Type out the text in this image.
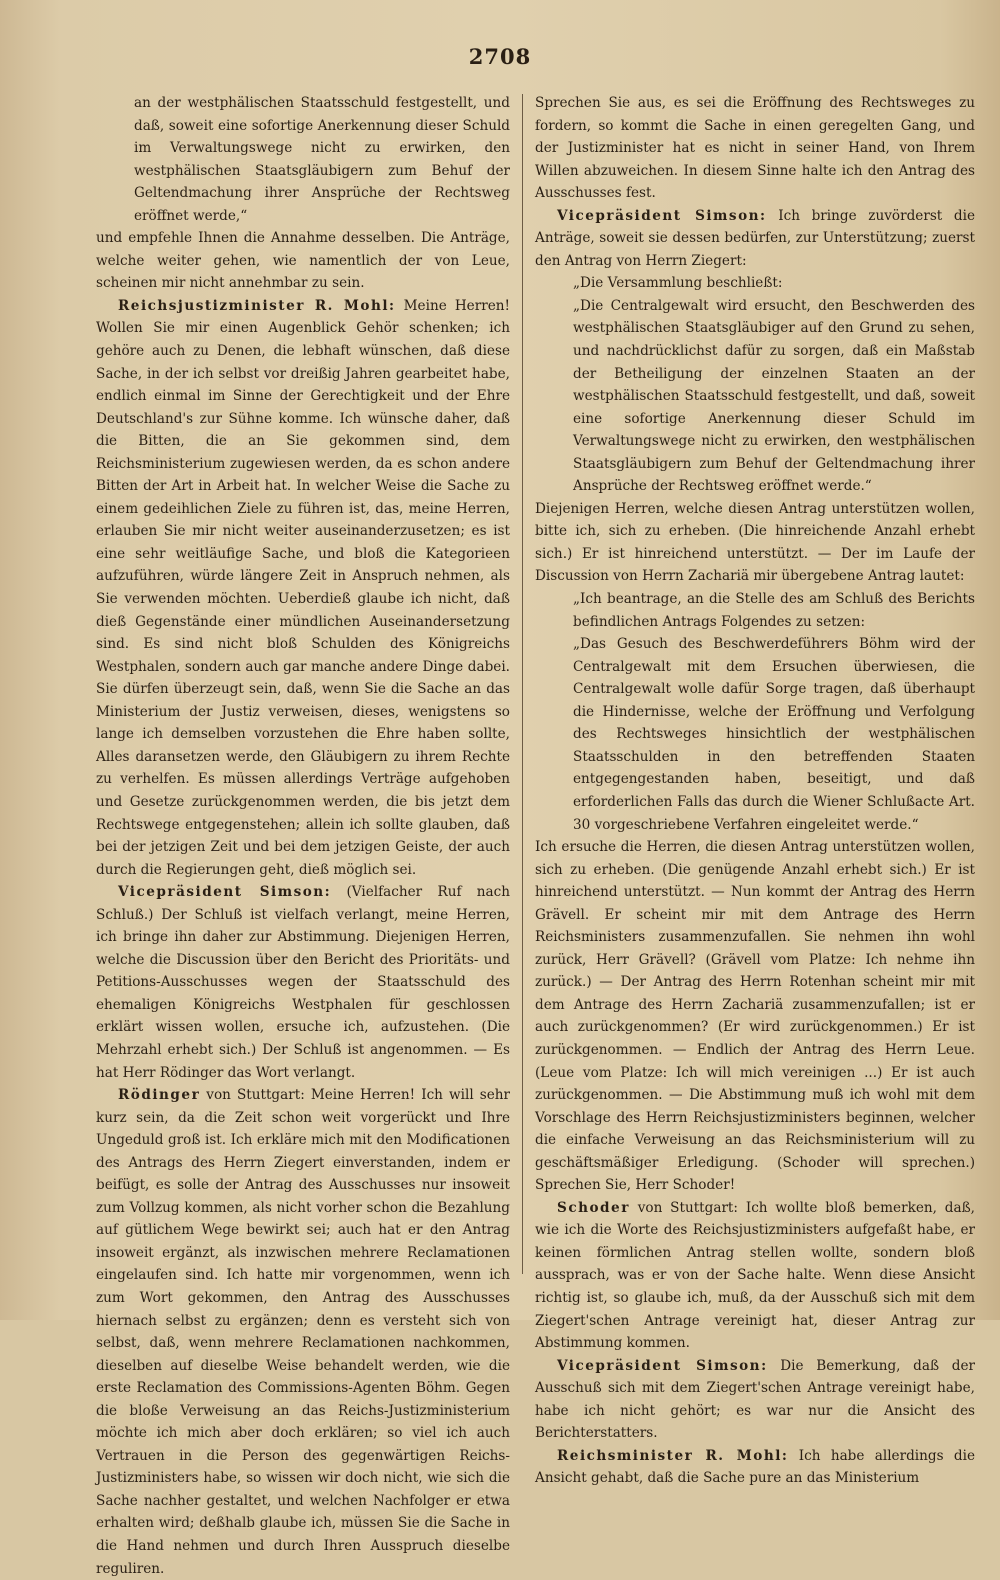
2708

an der westphälischen Staatsschuld festgestellt, und daß, soweit eine sofortige Anerkennung dieser Schuld im Verwaltungswege nicht zu erwirken, den westphälischen Staatsgläubigern zum Behuf der Geltendmachung ihrer Ansprüche der Rechtsweg eröffnet werde,“

und empfehle Ihnen die Annahme desselben. Die Anträge, welche weiter gehen, wie namentlich der von Leue, scheinen mir nicht annehmbar zu sein.

Reichsjustizminister R. Mohl: Meine Herren! Wollen Sie mir einen Augenblick Gehör schenken; ich gehöre auch zu Denen, die lebhaft wünschen, daß diese Sache, in der ich selbst vor dreißig Jahren gearbeitet habe, endlich einmal im Sinne der Gerechtigkeit und der Ehre Deutschland's zur Sühne komme. Ich wünsche daher, daß die Bitten, die an Sie gekommen sind, dem Reichsministerium zugewiesen werden, da es schon andere Bitten der Art in Arbeit hat. In welcher Weise die Sache zu einem gedeihlichen Ziele zu führen ist, das, meine Herren, erlauben Sie mir nicht weiter auseinanderzusetzen; es ist eine sehr weitläufige Sache, und bloß die Kategorieen aufzuführen, würde längere Zeit in Anspruch nehmen, als Sie verwenden möchten. Ueberdieß glaube ich nicht, daß dieß Gegenstände einer mündlichen Auseinandersetzung sind. Es sind nicht bloß Schulden des Königreichs Westphalen, sondern auch gar manche andere Dinge dabei. Sie dürfen überzeugt sein, daß, wenn Sie die Sache an das Ministerium der Justiz verweisen, dieses, wenigstens so lange ich demselben vorzustehen die Ehre haben sollte, Alles daransetzen werde, den Gläubigern zu ihrem Rechte zu verhelfen. Es müssen allerdings Verträge aufgehoben und Gesetze zurückgenommen werden, die bis jetzt dem Rechtswege entgegenstehen; allein ich sollte glauben, daß bei der jetzigen Zeit und bei dem jetzigen Geiste, der auch durch die Regierungen geht, dieß möglich sei.

Vicepräsident Simson: (Vielfacher Ruf nach Schluß.) Der Schluß ist vielfach verlangt, meine Herren, ich bringe ihn daher zur Abstimmung. Diejenigen Herren, welche die Discussion über den Bericht des Prioritäts- und Petitions-Ausschusses wegen der Staatsschuld des ehemaligen Königreichs Westphalen für geschlossen erklärt wissen wollen, ersuche ich, aufzustehen. (Die Mehrzahl erhebt sich.) Der Schluß ist angenommen. — Es hat Herr Rödinger das Wort verlangt.

Rödinger von Stuttgart: Meine Herren! Ich will sehr kurz sein, da die Zeit schon weit vorgerückt und Ihre Ungeduld groß ist. Ich erkläre mich mit den Modificationen des Antrags des Herrn Ziegert einverstanden, indem er beifügt, es solle der Antrag des Ausschusses nur insoweit zum Vollzug kommen, als nicht vorher schon die Bezahlung auf gütlichem Wege bewirkt sei; auch hat er den Antrag insoweit ergänzt, als inzwischen mehrere Reclamationen eingelaufen sind. Ich hatte mir vorgenommen, wenn ich zum Wort gekommen, den Antrag des Ausschusses hiernach selbst zu ergänzen; denn es versteht sich von selbst, daß, wenn mehrere Reclamationen nachkommen, dieselben auf dieselbe Weise behandelt werden, wie die erste Reclamation des Commissions-Agenten Böhm. Gegen die bloße Verweisung an das Reichs-Justizministerium möchte ich mich aber doch erklären; so viel ich auch Vertrauen in die Person des gegenwärtigen Reichs-Justizministers habe, so wissen wir doch nicht, wie sich die Sache nachher gestaltet, und welchen Nachfolger er etwa erhalten wird; deßhalb glaube ich, müssen Sie die Sache in die Hand nehmen und durch Ihren Ausspruch dieselbe reguliren.

Sprechen Sie aus, es sei die Eröffnung des Rechtsweges zu fordern, so kommt die Sache in einen geregelten Gang, und der Justizminister hat es nicht in seiner Hand, von Ihrem Willen abzuweichen. In diesem Sinne halte ich den Antrag des Ausschusses fest.

Vicepräsident Simson: Ich bringe zuvörderst die Anträge, soweit sie dessen bedürfen, zur Unterstützung; zuerst den Antrag von Herrn Ziegert:

„Die Versammlung beschließt:

„Die Centralgewalt wird ersucht, den Beschwerden des westphälischen Staatsgläubiger auf den Grund zu sehen, und nachdrücklichst dafür zu sorgen, daß ein Maßstab der Betheiligung der einzelnen Staaten an der westphälischen Staatsschuld festgestellt, und daß, soweit eine sofortige Anerkennung dieser Schuld im Verwaltungswege nicht zu erwirken, den westphälischen Staatsgläubigern zum Behuf der Geltendmachung ihrer Ansprüche der Rechtsweg eröffnet werde.“

Diejenigen Herren, welche diesen Antrag unterstützen wollen, bitte ich, sich zu erheben. (Die hinreichende Anzahl erhebt sich.) Er ist hinreichend unterstützt. — Der im Laufe der Discussion von Herrn Zachariä mir übergebene Antrag lautet:

„Ich beantrage, an die Stelle des am Schluß des Berichts befindlichen Antrags Folgendes zu setzen:

„Das Gesuch des Beschwerdeführers Böhm wird der Centralgewalt mit dem Ersuchen überwiesen, die Centralgewalt wolle dafür Sorge tragen, daß überhaupt die Hindernisse, welche der Eröffnung und Verfolgung des Rechtsweges hinsichtlich der westphälischen Staatsschulden in den betreffenden Staaten entgegengestanden haben, beseitigt, und daß erforderlichen Falls das durch die Wiener Schlußacte Art. 30 vorgeschriebene Verfahren eingeleitet werde.“

Ich ersuche die Herren, die diesen Antrag unterstützen wollen, sich zu erheben. (Die genügende Anzahl erhebt sich.) Er ist hinreichend unterstützt. — Nun kommt der Antrag des Herrn Grävell. Er scheint mir mit dem Antrage des Herrn Reichsministers zusammenzufallen. Sie nehmen ihn wohl zurück, Herr Grävell? (Grävell vom Platze: Ich nehme ihn zurück.) — Der Antrag des Herrn Rotenhan scheint mir mit dem Antrage des Herrn Zachariä zusammenzufallen; ist er auch zurückgenommen? (Er wird zurückgenommen.) Er ist zurückgenommen. — Endlich der Antrag des Herrn Leue. (Leue vom Platze: Ich will mich vereinigen ...) Er ist auch zurückgenommen. — Die Abstimmung muß ich wohl mit dem Vorschlage des Herrn Reichsjustizministers beginnen, welcher die einfache Verweisung an das Reichsministerium will zu geschäftsmäßiger Erledigung. (Schoder will sprechen.) Sprechen Sie, Herr Schoder!

Schoder von Stuttgart: Ich wollte bloß bemerken, daß, wie ich die Worte des Reichsjustizministers aufgefaßt habe, er keinen förmlichen Antrag stellen wollte, sondern bloß aussprach, was er von der Sache halte. Wenn diese Ansicht richtig ist, so glaube ich, muß, da der Ausschuß sich mit dem Ziegert'schen Antrage vereinigt hat, dieser Antrag zur Abstimmung kommen.

Vicepräsident Simson: Die Bemerkung, daß der Ausschuß sich mit dem Ziegert'schen Antrage vereinigt habe, habe ich nicht gehört; es war nur die Ansicht des Berichterstatters.

Reichsminister R. Mohl: Ich habe allerdings die Ansicht gehabt, daß die Sache pure an das Ministerium
